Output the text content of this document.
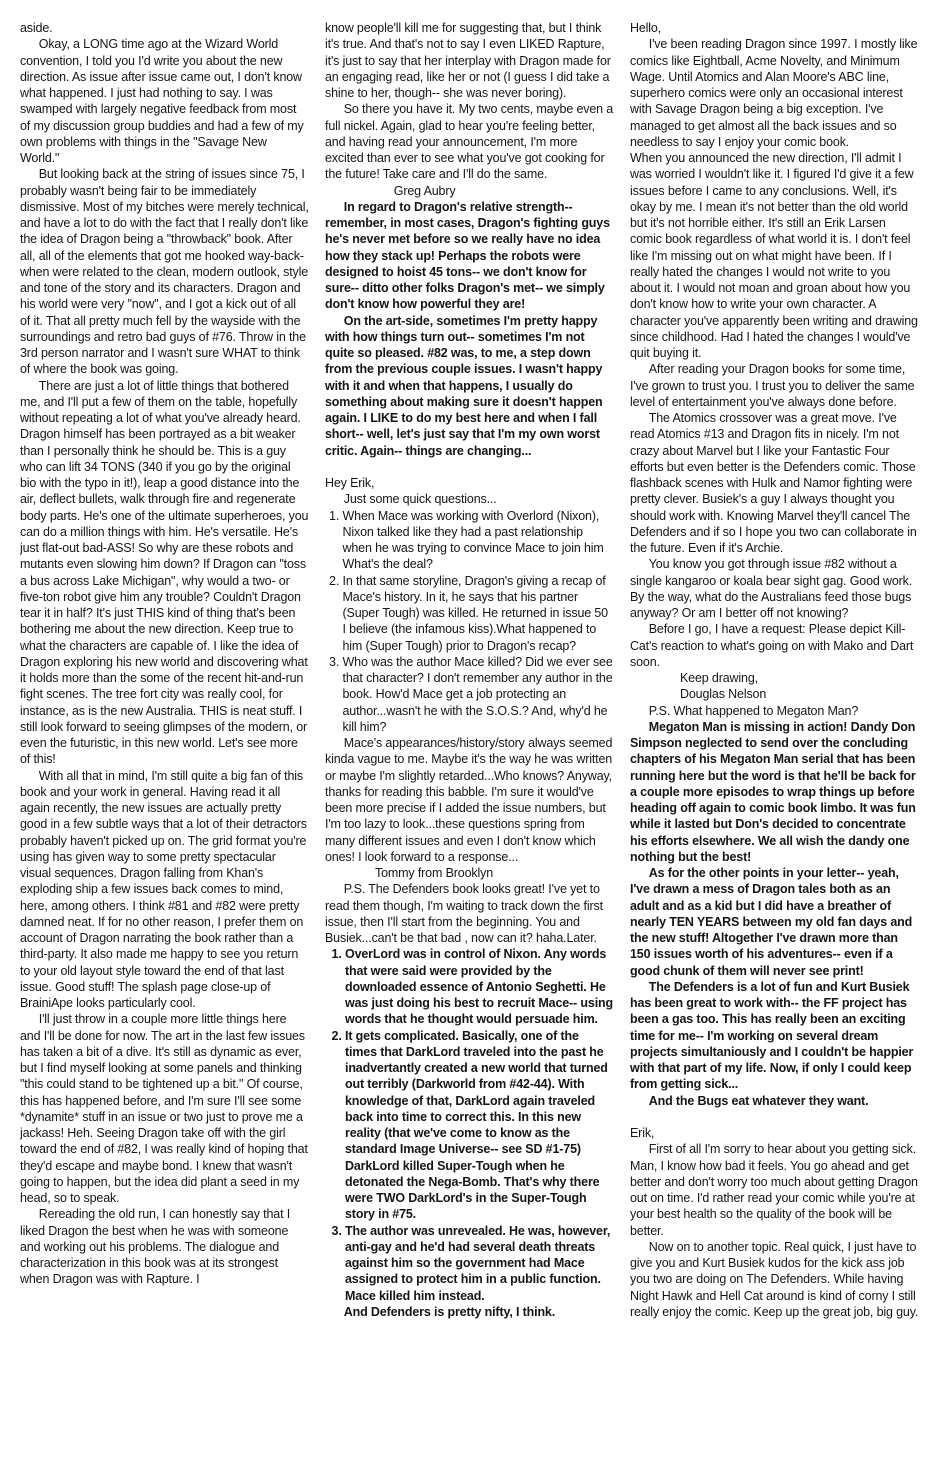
aside.

Okay, a LONG time ago at the Wizard World convention, I told you I'd write you about the new direction. As issue after issue came out, I don't know what happened. I just had nothing to say. I was swamped with largely negative feedback from most of my discussion group buddies and had a few of my own problems with things in the "Savage New World."

But looking back at the string of issues since 75, I probably wasn't being fair to be immediately dismissive. Most of my bitches were merely technical, and have a lot to do with the fact that I really don't like the idea of Dragon being a "throwback" book. After all, all of the elements that got me hooked way-back-when were related to the clean, modern outlook, style and tone of the story and its characters. Dragon and his world were very "now", and I got a kick out of all of it. That all pretty much fell by the wayside with the surroundings and retro bad guys of #76. Throw in the 3rd person narrator and I wasn't sure WHAT to think of where the book was going.

There are just a lot of little things that bothered me, and I'll put a few of them on the table, hopefully without repeating a lot of what you've already heard. Dragon himself has been portrayed as a bit weaker than I personally think he should be. This is a guy who can lift 34 TONS (340 if you go by the original bio with the typo in it!), leap a good distance into the air, deflect bullets, walk through fire and regenerate body parts. He's one of the ultimate superheroes, you can do a million things with him. He's versatile. He's just flat-out bad-ASS! So why are these robots and mutants even slowing him down? If Dragon can "toss a bus across Lake Michigan", why would a two- or five-ton robot give him any trouble? Couldn't Dragon tear it in half? It's just THIS kind of thing that's been bothering me about the new direction. Keep true to what the characters are capable of. I like the idea of Dragon exploring his new world and discovering what it holds more than the some of the recent hit-and-run fight scenes. The tree fort city was really cool, for instance, as is the new Australia. THIS is neat stuff. I still look forward to seeing glimpses of the modern, or even the futuristic, in this new world. Let's see more of this!

With all that in mind, I'm still quite a big fan of this book and your work in general. Having read it all again recently, the new issues are actually pretty good in a few subtle ways that a lot of their detractors probably haven't picked up on. The grid format you're using has given way to some pretty spectacular visual sequences. Dragon falling from Khan's exploding ship a few issues back comes to mind, here, among others. I think #81 and #82 were pretty damned neat. If for no other reason, I prefer them on account of Dragon narrating the book rather than a third-party. It also made me happy to see you return to your old layout style toward the end of that last issue. Good stuff! The splash page close-up of BrainiApe looks particularly cool.

I'll just throw in a couple more little things here and I'll be done for now. The art in the last few issues has taken a bit of a dive. It's still as dynamic as ever, but I find myself looking at some panels and thinking "this could stand to be tightened up a bit." Of course, this has happened before, and I'm sure I'll see some *dynamite* stuff in an issue or two just to prove me a jackass! Heh. Seeing Dragon take off with the girl toward the end of #82, I was really kind of hoping that they'd escape and maybe bond. I knew that wasn't going to happen, but the idea did plant a seed in my head, so to speak.

Rereading the old run, I can honestly say that I liked Dragon the best when he was with someone and working out his problems. The dialogue and characterization in this book was at its strongest when Dragon was with Rapture. I

know people'll kill me for suggesting that, but I think it's true. And that's not to say I even LIKED Rapture, it's just to say that her interplay with Dragon made for an engaging read, like her or not (I guess I did take a shine to her, though-- she was never boring).

So there you have it. My two cents, maybe even a full nickel. Again, glad to hear you're feeling better, and having read your announcement, I'm more excited than ever to see what you've got cooking for the future! Take care and I'll do the same.

Greg Aubry

In regard to Dragon's relative strength-- remember, in most cases, Dragon's fighting guys he's never met before so we really have no idea how they stack up! Perhaps the robots were designed to hoist 45 tons-- we don't know for sure-- ditto other folks Dragon's met-- we simply don't know how powerful they are!

On the art-side, sometimes I'm pretty happy with how things turn out-- sometimes I'm not quite so pleased. #82 was, to me, a step down from the previous couple issues. I wasn't happy with it and when that happens, I usually do something about making sure it doesn't happen again. I LIKE to do my best here and when I fall short-- well, let's just say that I'm my own worst critic. Again-- things are changing...

Hey Erik,

Just some quick questions...

1. When Mace was working with Overlord (Nixon), Nixon talked like they had a past relationship when he was trying to convince Mace to join him What's the deal?
2. In that same storyline, Dragon's giving a recap of Mace's history. In it, he says that his partner (Super Tough) was killed. He returned in issue 50 I believe (the infamous kiss).What happened to him (Super Tough) prior to Dragon's recap?
3. Who was the author Mace killed? Did we ever see that character? I don't remember any author in the book. How'd Mace get a job protecting an author...wasn't he with the S.O.S.? And, why'd he kill him?

Mace's appearances/history/story always seemed kinda vague to me. Maybe it's the way he was written or maybe I'm slightly retarded...Who knows? Anyway, thanks for reading this babble. I'm sure it would've been more precise if I added the issue numbers, but I'm too lazy to look...these questions spring from many different issues and even I don't know which ones! I look forward to a response...

Tommy from Brooklyn

P.S. The Defenders book looks great! I've yet to read them though, I'm waiting to track down the first issue, then I'll start from the beginning. You and Busiek...can't be that bad , now can it? haha.Later.

1. OverLord was in control of Nixon. Any words that were said were provided by the downloaded essence of Antonio Seghetti. He was just doing his best to recruit Mace-- using words that he thought would persuade him.
2. It gets complicated. Basically, one of the times that DarkLord traveled into the past he inadvertantly created a new world that turned out terribly (Darkworld from #42-44). With knowledge of that, DarkLord again traveled back into time to correct this. In this new reality (that we've come to know as the standard Image Universe-- see SD #1-75) DarkLord killed Super-Tough when he detonated the Nega-Bomb. That's why there were TWO DarkLord's in the Super-Tough story in #75.
3. The author was unrevealed. He was, however, anti-gay and he'd had several death threats against him so the government had Mace assigned to protect him in a public function. Mace killed him instead.

And Defenders is pretty nifty, I think.

Hello,

I've been reading Dragon since 1997. I mostly like comics like Eightball, Acme Novelty, and Minimum Wage. Until Atomics and Alan Moore's ABC line, superhero comics were only an occasional interest with Savage Dragon being a big exception. I've managed to get almost all the back issues and so needless to say I enjoy your comic book.

When you announced the new direction, I'll admit I was worried I wouldn't like it. I figured I'd give it a few issues before I came to any conclusions. Well, it's okay by me. I mean it's not better than the old world but it's not horrible either. It's still an Erik Larsen comic book regardless of what world it is. I don't feel like I'm missing out on what might have been. If I really hated the changes I would not write to you about it. I would not moan and groan about how you don't know how to write your own character. A character you've apparently been writing and drawing since childhood. Had I hated the changes I would've quit buying it.

After reading your Dragon books for some time, I've grown to trust you. I trust you to deliver the same level of entertainment you've always done before.

The Atomics crossover was a great move. I've read Atomics #13 and Dragon fits in nicely. I'm not crazy about Marvel but I like your Fantastic Four efforts but even better is the Defenders comic. Those flashback scenes with Hulk and Namor fighting were pretty clever. Busiek's a guy I always thought you should work with. Knowing Marvel they'll cancel The Defenders and if so I hope you two can collaborate in the future. Even if it's Archie.

You know you got through issue #82 without a single kangaroo or koala bear sight gag. Good work. By the way, what do the Australians feed those bugs anyway? Or am I better off not knowing?

Before I go, I have a request: Please depict Kill-Cat's reaction to what's going on with Mako and Dart soon.

Keep drawing,

Douglas Nelson

P.S. What happened to Megaton Man?

Megaton Man is missing in action! Dandy Don Simpson neglected to send over the concluding chapters of his Megaton Man serial that has been running here but the word is that he'll be back for a couple more episodes to wrap things up before heading off again to comic book limbo. It was fun while it lasted but Don's decided to concentrate his efforts elsewhere. We all wish the dandy one nothing but the best!

As for the other points in your letter-- yeah, I've drawn a mess of Dragon tales both as an adult and as a kid but I did have a breather of nearly TEN YEARS between my old fan days and the new stuff! Altogether I've drawn more than 150 issues worth of his adventures-- even if a good chunk of them will never see print!

The Defenders is a lot of fun and Kurt Busiek has been great to work with-- the FF project has been a gas too. This has really been an exciting time for me-- I'm working on several dream projects simultaniously and I couldn't be happier with that part of my life. Now, if only I could keep from getting sick...

And the Bugs eat whatever they want.

Erik,

First of all I'm sorry to hear about you getting sick. Man, I know how bad it feels. You go ahead and get better and don't worry too much about getting Dragon out on time. I'd rather read your comic while you're at your best health so the quality of the book will be better.

Now on to another topic. Real quick, I just have to give you and Kurt Busiek kudos for the kick ass job you two are doing on The Defenders. While having Night Hawk and Hell Cat around is kind of corny I still really enjoy the comic. Keep up the great job, big guy.
